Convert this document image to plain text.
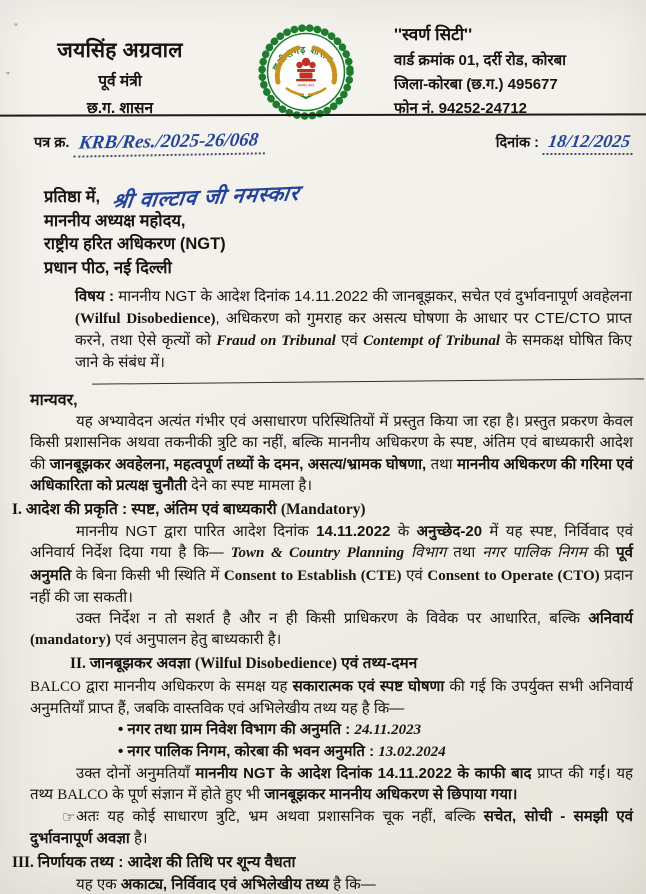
जयसिंह अग्रवाल
पूर्व मंत्री
छ.ग. शासन
छत्तीसगढ़ शासन
सत्यमेव जयते
''स्वर्ण सिटी''
वार्ड क्रमांक 01, दर्री रोड, कोरबा
जिला-कोरबा (छ.ग.) 495677
फोन नं. 94252-24712
पत्र क्र. KRB/Res./2025-26/068	दिनांक : 18/12/2025
प्रतिष्ठा में, श्री वाल्टाव जी नमस्कार
माननीय अध्यक्ष महोदय,
राष्ट्रीय हरित अधिकरण (NGT)
प्रधान पीठ, नई दिल्ली
विषय : माननीय NGT के आदेश दिनांक 14.11.2022 की जानबूझकर, सचेत एवं दुर्भावनापूर्ण अवहेलना (Wilful Disobedience), अधिकरण को गुमराह कर असत्य घोषणा के आधार पर CTE/CTO प्राप्त करने, तथा ऐसे कृत्यों को Fraud on Tribunal एवं Contempt of Tribunal के समकक्ष घोषित किए जाने के संबंध में।
मान्यवर,

यह अभ्यावेदन अत्यंत गंभीर एवं असाधारण परिस्थितियों में प्रस्तुत किया जा रहा है। प्रस्तुत प्रकरण केवल किसी प्रशासनिक अथवा तकनीकी त्रुटि का नहीं, बल्कि माननीय अधिकरण के स्पष्ट, अंतिम एवं बाध्यकारी आदेश की जानबूझकर अवहेलना, महत्वपूर्ण तथ्यों के दमन, असत्य/भ्रामक घोषणा, तथा माननीय अधिकरण की गरिमा एवं अधिकारिता को प्रत्यक्ष चुनौती देने का स्पष्ट मामला है।

I. आदेश की प्रकृति : स्पष्ट, अंतिम एवं बाध्यकारी (Mandatory)

माननीय NGT द्वारा पारित आदेश दिनांक 14.11.2022 के अनुच्छेद-20 में यह स्पष्ट, निर्विवाद एवं अनिवार्य निर्देश दिया गया है कि— Town & Country Planning विभाग तथा नगर पालिक निगम की पूर्व अनुमति के बिना किसी भी स्थिति में Consent to Establish (CTE) एवं Consent to Operate (CTO) प्रदान नहीं की जा सकती।

उक्त निर्देश न तो सशर्त है और न ही किसी प्राधिकरण के विवेक पर आधारित, बल्कि अनिवार्य (mandatory) एवं अनुपालन हेतु बाध्यकारी है।

II. जानबूझकर अवज्ञा (Wilful Disobedience) एवं तथ्य-दमन

BALCO द्वारा माननीय अधिकरण के समक्ष यह सकारात्मक एवं स्पष्ट घोषणा की गई कि उपर्युक्त सभी अनिवार्य अनुमतियाँ प्राप्त हैं, जबकि वास्तविक एवं अभिलेखीय तथ्य यह है कि—

• नगर तथा ग्राम निवेश विभाग की अनुमति : 24.11.2023
• नगर पालिक निगम, कोरबा की भवन अनुमति : 13.02.2024

उक्त दोनों अनुमतियाँ माननीय NGT के आदेश दिनांक 14.11.2022 के काफी बाद प्राप्त की गईं। यह तथ्य BALCO के पूर्ण संज्ञान में होते हुए भी जानबूझकर माननीय अधिकरण से छिपाया गया।

☞ अतः यह कोई साधारण त्रुटि, भ्रम अथवा प्रशासनिक चूक नहीं, बल्कि सचेत, सोची - समझी एवं दुर्भावनापूर्ण अवज्ञा है।

III. निर्णायक तथ्य : आदेश की तिथि पर शून्य वैधता

यह एक अकाट्य, निर्विवाद एवं अभिलेखीय तथ्य है कि—

”
„
